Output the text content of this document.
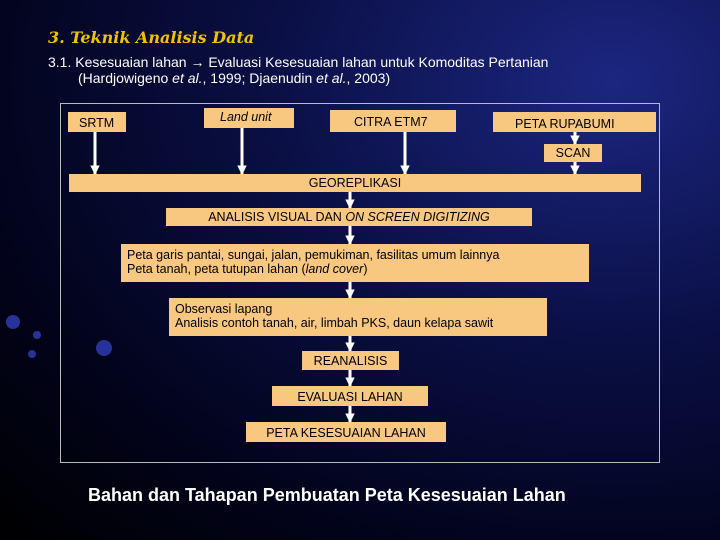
3. Teknik Analisis Data

3.1. Kesesuaian lahan → Evaluasi Kesesuaian lahan untuk Komoditas Pertanian
(Hardjowigeno et al., 1999; Djaenudin et al., 2003)

SRTM	Land unit	CITRA ETM7	PETA RUPABUMI
SCAN
GEOREPLIKASI
ANALISIS VISUAL DAN ON SCREEN DIGITIZING
Peta garis pantai, sungai, jalan, pemukiman, fasilitas umum lainnya
Peta tanah, peta tutupan lahan (land cover)
Observasi lapang
Analisis contoh tanah, air, limbah PKS, daun kelapa sawit
REANALISIS
EVALUASI LAHAN
PETA KESESUAIAN LAHAN
Bahan dan Tahapan Pembuatan Peta Kesesuaian Lahan
